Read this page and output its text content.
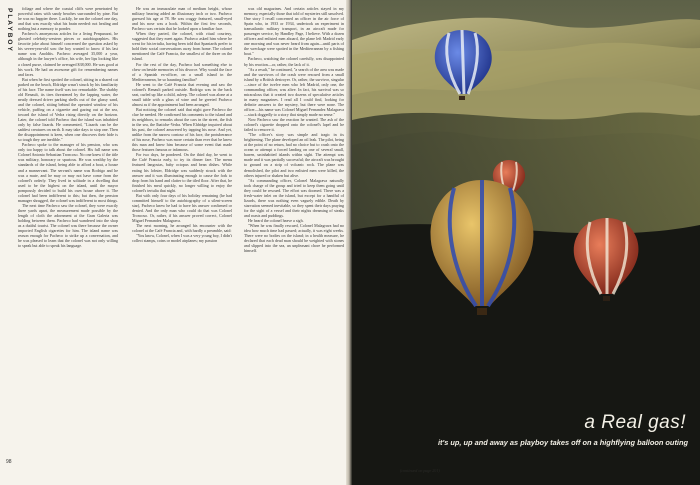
PLAYBOY	foliage and where the coastal cliffs were penetrated by powerful rains with sandy beaches surrounded by pine. But he was no happier there. Luckily, he ran the colonel one day, and that was exactly what his brain needed: not healing and nothing but a memory to ponder.

Pacheco's anonymous articles for a living Penparazzi, he ghosted celebrity-western pieces or autobiographies. His favorite joke about himself concerned the question asked by his seven-year-old son: the boy wanted to know if his last name was Anoldtis. Pacheco averaged 35,000 a year, although in the lawyer's office, his wife, her lips looking like a closed purse, claimed he averaged $38,000. He was good at his work. He had an awesome gift for remembering names and faces.

But when he first spotted the colonel, sitting in a shared cat parked on the beach, Eldridge wasn't struck by his familiarity of his face. The name itself was too remarkable. The shabby old Renault, its tires threatened by the lapping water, the neatly dressed driver parking shells out of the glassy sand, and the colonel, sitting behind the operated window of his vehicle, puffing on a cigarette and gazing out at the sea, toward the island of Vedra rising directly on the horizon. Later, the colonel told Pacheco that the island was inhabited only by false lizards. He commented, "Lizards can be the saddest creatures on earth. It may take days to stop one. Then the disappointment is keen, when one discovers their hide is so tough they are inedible."

Pacheco spoke to the manager of his pension, who was only too happy to talk about the colonel. His full name was Colonel Antonio Sebastian Troncoso. No one knew if the title was military, honorary or spurious. He was wealthy by the standards of the island, being able to afford a boat, a house and a manservant. The servant's name was Rodrigo and he was a mute, and he may or may not have come from the colonel's orderly. They lived in solitude in a dwelling that used to be the highest on the island, until the mayor pompously decided to build his own house above it. The colonel had been indifferent to this; but then, the pension manager shrugged, the colonel was indifferent to most things.

The next time Pacheco saw the colonel, they were exactly three yards apart, the measurement made possible by the length of cloth the adornment at the Gran Galeria was holding between them. Pacheco had wandered into the shop as a dutiful tourist. The colonel was there because the owner imported English cigarettes for him. The island name was reason enough for Pacheco to strike up a conversation, and he was pleased to learn that the colonel was not only willing to speak but able to speak his language.

He was an immaculate man of medium height, whose military bearing added an illusionary inch or two. Pacheco guessed his age at 78. He was craggy featured, small-eyed and his nose was a hook. Within the first few seconds, Pacheco was certain that he looked upon a familiar face.

When they parted, the colonel, with ritual courtesy, suggested that they meet again. Pacheco asked him where he went for his tertulia, having been told that Spaniards prefer to hold their social conversations away from home. The colonel mentioned the Café Francia, the smallest of the three on the island.

For the rest of the day, Pacheco had something else to chew on beside memories of his divorce. Why would the face of a Spanish ex-officer, on a small island in the Mediterranean, be so haunting familiar?

He went to the Café Francia that evening and saw the colonel's Renault parked outside. Rodrigo was in the back seat, curled up like a child, asleep. The colonel was alone at a small table with a glass of wine and he greeted Pacheco almost as if the appointment had been arranged.

But noticing the colonel said that night gave Pacheco the clue he needed. He confirmed his comments to the island and its neighbors, to remarks about the cars in the street, the fish in the sea, the Ibatiche-Vedra. When Eldridge inquired about his past, the colonel answered by tapping his nose. And yet, unlike from the narrow contour of his face, the protuberance of his nose, Pacheco was more certain than ever that he knew this man and knew him because of some event that made those features famous or infamous.

For two days, he pondered. On the third day, he went to the Café Francia early, to try its dinner fare. The menu featured langostas, baby octopus and bean dishes. While eating his lobster, Eldridge was suddenly struck with the answer and it was illuminating enough to cause the fork to drop from his hand and clatter to the tiled floor. After that, he finished his meal quickly, no longer willing to enjoy the colonel's tertulia that night.

But with only four days of his holiday remaining (he had committed himself to the autobiography of a silent-screen star), Pacheco knew he had to have his answer confirmed or denied. And the only man who could do that was Colonel Troncoso. Or, rather, if his answer proved correct, Colonel Miguel Fernandez Malagrava.

The next morning, he arranged his encounter with the colonel at the Café Francia and, with hardly a preamble, said:

"You know, Colonel, when I was a very young boy, I didn't collect stamps, coins or model airplanes; my passion

was old magazines. And certain articles stayed in my memory, especially those that told of mysteries still unsolved. One story I recall concerned an officer in the air force of Spain who, in 1933 or 1934, undertook an experiment in transatlantic military transport, in an aircraft made for passenger service, by Handley Page, I believe. With a dozen officers and enlisted men aboard, the plane left Madrid early one morning and was never heard from again—until parts of the wreckage were spotted in the Mediterranean by a fishing boat."

Pacheco, watching the colonel carefully, was disappointed by his reaction—or, rather, the lack of it.

"As a result," he continued, "a search of the area was made and the survivors of the crash were rescued from a small island by a British destroyer. Or, rather, the survivor, singular—since of the twelve men who left Madrid, only one, the commanding officer, was alive. In fact, his survival was so miraculous that it created two dozens of speculative articles in many magazines. I read all I could find, looking for definite answers to the mystery, but there were none. The officer—his name was Colonel Miguel Fernandez Malagrava—stuck doggedly to a story that simply made no sense."

Now Pacheco saw the reaction he wanted. The ash of the colonel's cigarette dropped onto the colonel's lapel and he failed to remove it.

"The officer's story was simple and tragic in its brightening. The plane developed an oil leak. The pilot, being at the point of no return, had no choice but to crash onto the ocean or attempt a forced landing on one of several small, barren, uninhabited islands within sight. The attempt was made and it was partially successful; the aircraft was brought to ground on a strip of volcanic rock. The plane was demolished, the pilot and two enlisted men were killed, the others injured or shaken but alive.

"As commanding officer, Colonel Malagrava naturally took charge of the group and tried to keep them going until they could be rescued. The effort was doomed. There was a fresh-water inlet on the island, but except for a handful of lizards, there was nothing even vaguely edible. Death by starvation seemed inevitable, so they spent their days praying for the sight of a vessel and their nights dreaming of steaks and roasts and puddings.

He heard the colonel heave a sigh.

"When he was finally rescued, Colonel Malagrava had no idea how much time had passed; actually, it was eight weeks. There were no bodies on the island; in a health measure, he declared that each dead man should be weighted with stones and slipped into the sea, an unpleasant chore he performed himself.

98
a Real gas!
it's up, up and away as playboy takes off on a highflying balloon outing

(continued on page 201)
